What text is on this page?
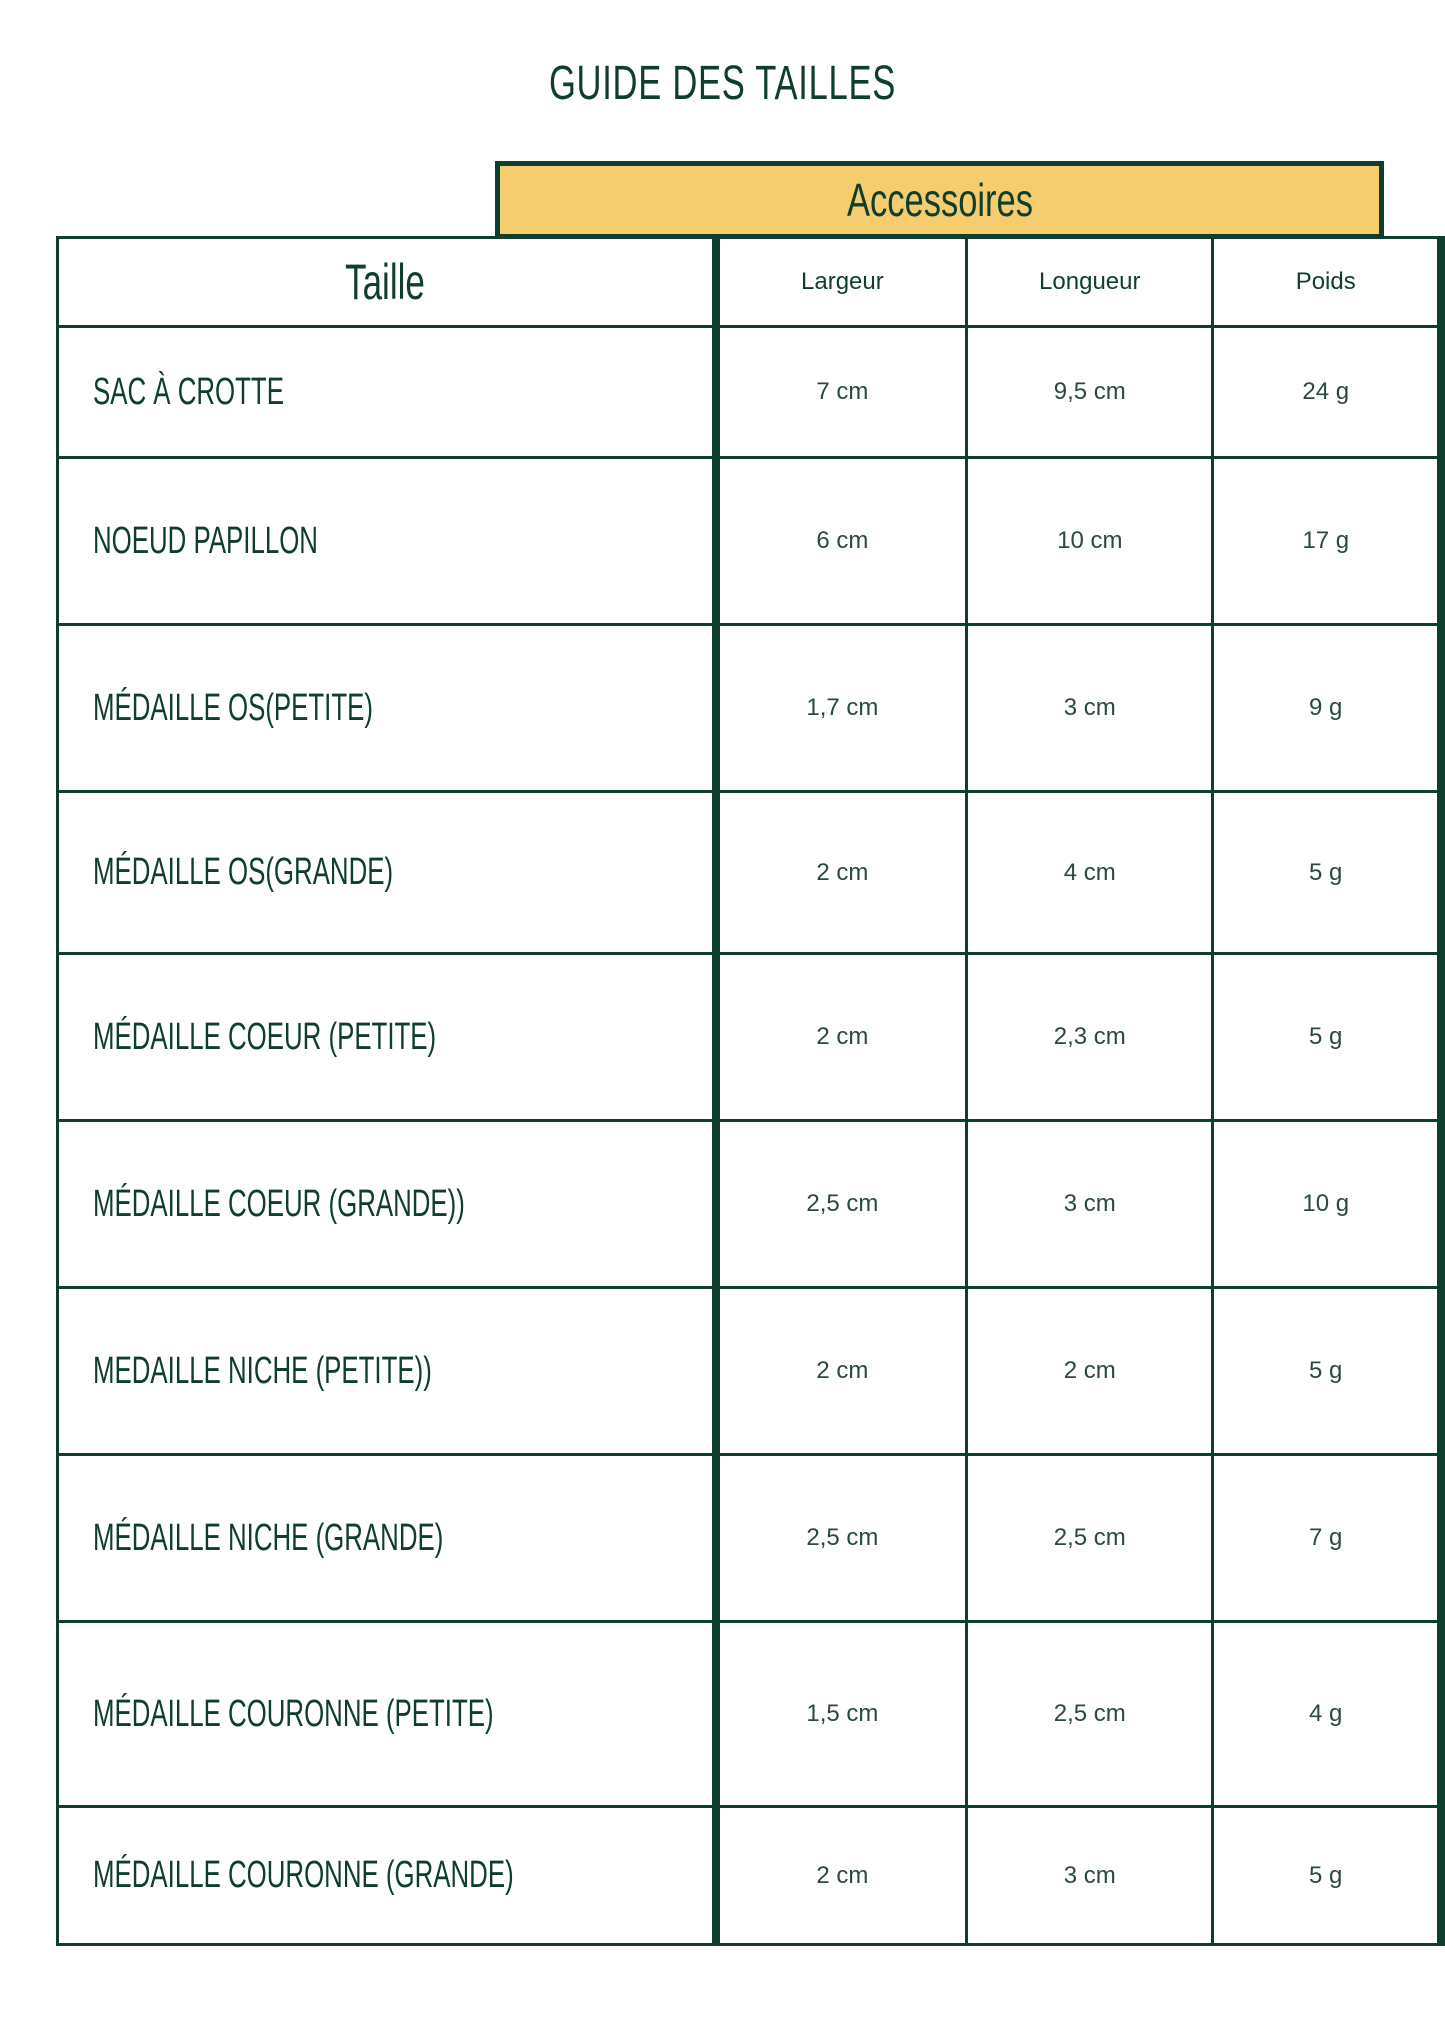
GUIDE DES TAILLES
Accessoires
Taille	Largeur	Longueur	Poids
SAC À CROTTE	7 cm	9,5 cm	24 g
NOEUD PAPILLON	6 cm	10 cm	17 g
MÉDAILLE OS(PETITE)	1,7 cm	3 cm	9 g
MÉDAILLE OS(GRANDE)	2 cm	4 cm	5 g
MÉDAILLE COEUR (PETITE)	2 cm	2,3 cm	5 g
MÉDAILLE COEUR (GRANDE))	2,5 cm	3 cm	10 g
MEDAILLE NICHE (PETITE))	2 cm	2 cm	5 g
MÉDAILLE NICHE (GRANDE)	2,5 cm	2,5 cm	7 g
MÉDAILLE COURONNE (PETITE)	1,5 cm	2,5 cm	4 g
MÉDAILLE COURONNE (GRANDE)	2 cm	3 cm	5 g
